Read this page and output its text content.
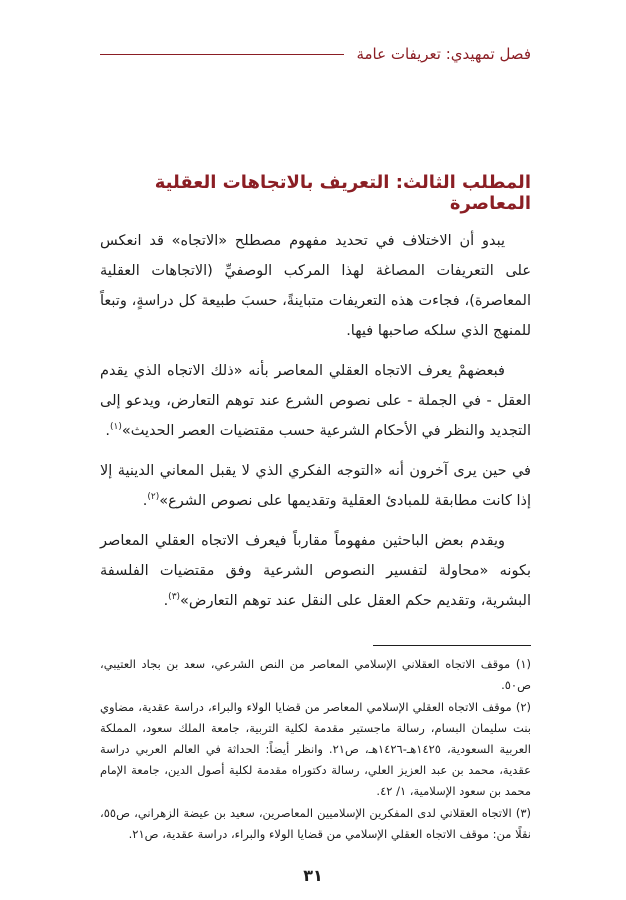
فصل تمهيدي: تعريفات عامة
المطلب الثالث: التعريف بالاتجاهات العقلية المعاصرة

يبدو أن الاختلاف في تحديد مفهوم مصطلح «الاتجاه» قد انعكس على التعريفات المصاغة لهذا المركب الوصفيِّ (الاتجاهات العقلية المعاصرة)، فجاءت هذه التعريفات متباينةً، حسبَ طبيعة كل دراسةٍ، وتبعاً للمنهج الذي سلكه صاحبها فيها.

فبعضهمْ يعرف الاتجاه العقلي المعاصر بأنه «ذلك الاتجاه الذي يقدم العقل - في الجملة - على نصوص الشرع عند توهم التعارض، ويدعو إلى التجديد والنظر في الأحكام الشرعية حسب مقتضيات العصر الحديث»$^{(١)}$.

في حين يرى آخرون أنه «التوجه الفكري الذي لا يقبل المعاني الدينية إلا إذا كانت مطابقة للمبادئ العقلية وتقديمها على نصوص الشرع»$^{(٢)}$.

ويقدم بعض الباحثين مفهوماً مقارباً فيعرف الاتجاه العقلي المعاصر بكونه «محاولة لتفسير النصوص الشرعية وفق مقتضيات الفلسفة البشرية، وتقديم حكم العقل على النقل عند توهم التعارض»$^{(٣)}$.

(١) موقف الاتجاه العقلاني الإسلامي المعاصر من النص الشرعي، سعد بن بجاد العتيبي، ص٥٠.

(٢) موقف الاتجاه العقلي الإسلامي المعاصر من قضايا الولاء والبراء، دراسة عقدية، مضاوي بنت سليمان البسام، رسالة ماجستير مقدمة لكلية التربية، جامعة الملك سعود، المملكة العربية السعودية، ١٤٢٥هـ-١٤٢٦هـ، ص٢١. وانظر أيضاً: الحداثة في العالم العربي دراسة عقدية، محمد بن عبد العزيز العلي، رسالة دكتوراه مقدمة لكلية أصول الدين، جامعة الإمام محمد بن سعود الإسلامية، ١/ ٤٢.

(٣) الاتجاه العقلاني لدى المفكرين الإسلاميين المعاصرين، سعيد بن عيضة الزهراني، ص٥٥، نقلًا من: موقف الاتجاه العقلي الإسلامي من قضايا الولاء والبراء، دراسة عقدية، ص٢١.

٣١
